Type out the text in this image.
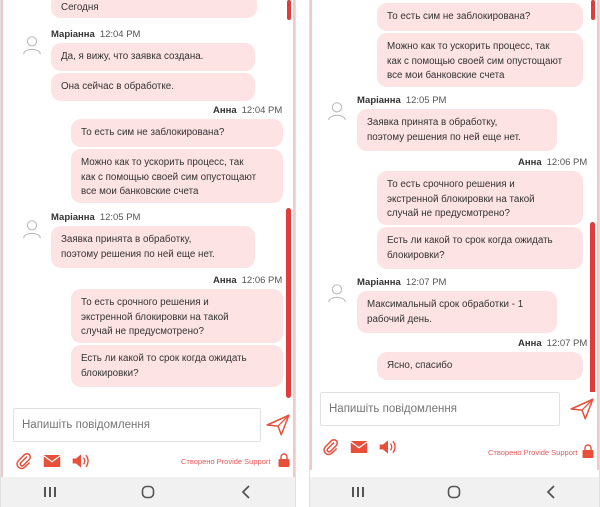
Сегодня
Маріанна 12:04 PM
Да, я вижу, что заявка создана.
Она сейчас в обработке.
Анна 12:04 PM
То есть сим не заблокирована?
Можно как то ускорить процесс, так
как с помощью своей сим опустощают
все мои банковские счета
Маріанна 12:05 PM
Заявка принята в обработку,
поэтому решения по ней еще нет.
Анна 12:06 PM
То есть срочного решения и
экстренной блокировки на такой
случай не предусмотрено?
Есть ли какой то срок когда ожидать
блокировки?
Напишіть повідомлення
Створено Provide Support
То есть сим не заблокирована?
Можно как то ускорить процесс, так
как с помощью своей сим опустощают
все мои банковские счета
Маріанна 12:05 PM
Заявка принята в обработку,
поэтому решения по ней еще нет.
Анна 12:06 PM
То есть срочного решения и
экстренной блокировки на такой
случай не предусмотрено?
Есть ли какой то срок когда ожидать
блокировки?
Маріанна 12:07 PM
Максимальный срок обработки - 1
рабочий день.
Анна 12:07 PM
Ясно, спасибо
Напишіть повідомлення
Створено Provide Support
